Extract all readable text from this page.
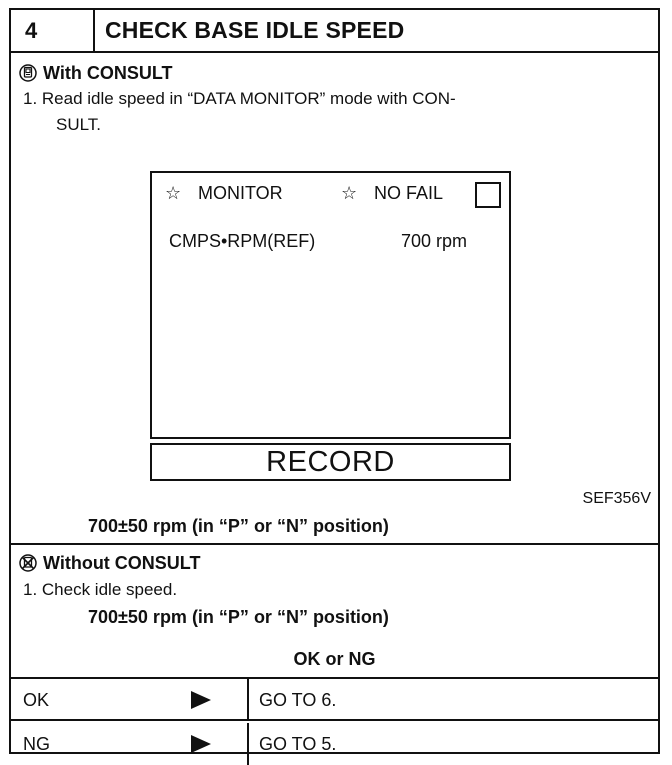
4	CHECK BASE IDLE SPEED
With CONSULT
1. Read idle speed in “DATA MONITOR” mode with CON-
SULT.
☆ MONITOR	☆ NO FAIL
CMPS•RPM(REF)	700 rpm
RECORD
SEF356V
700±50 rpm (in “P” or “N” position)
Without CONSULT
1. Check idle speed.
700±50 rpm (in “P” or “N” position)
OK or NG
OK	GO TO 6.
NG	GO TO 5.
